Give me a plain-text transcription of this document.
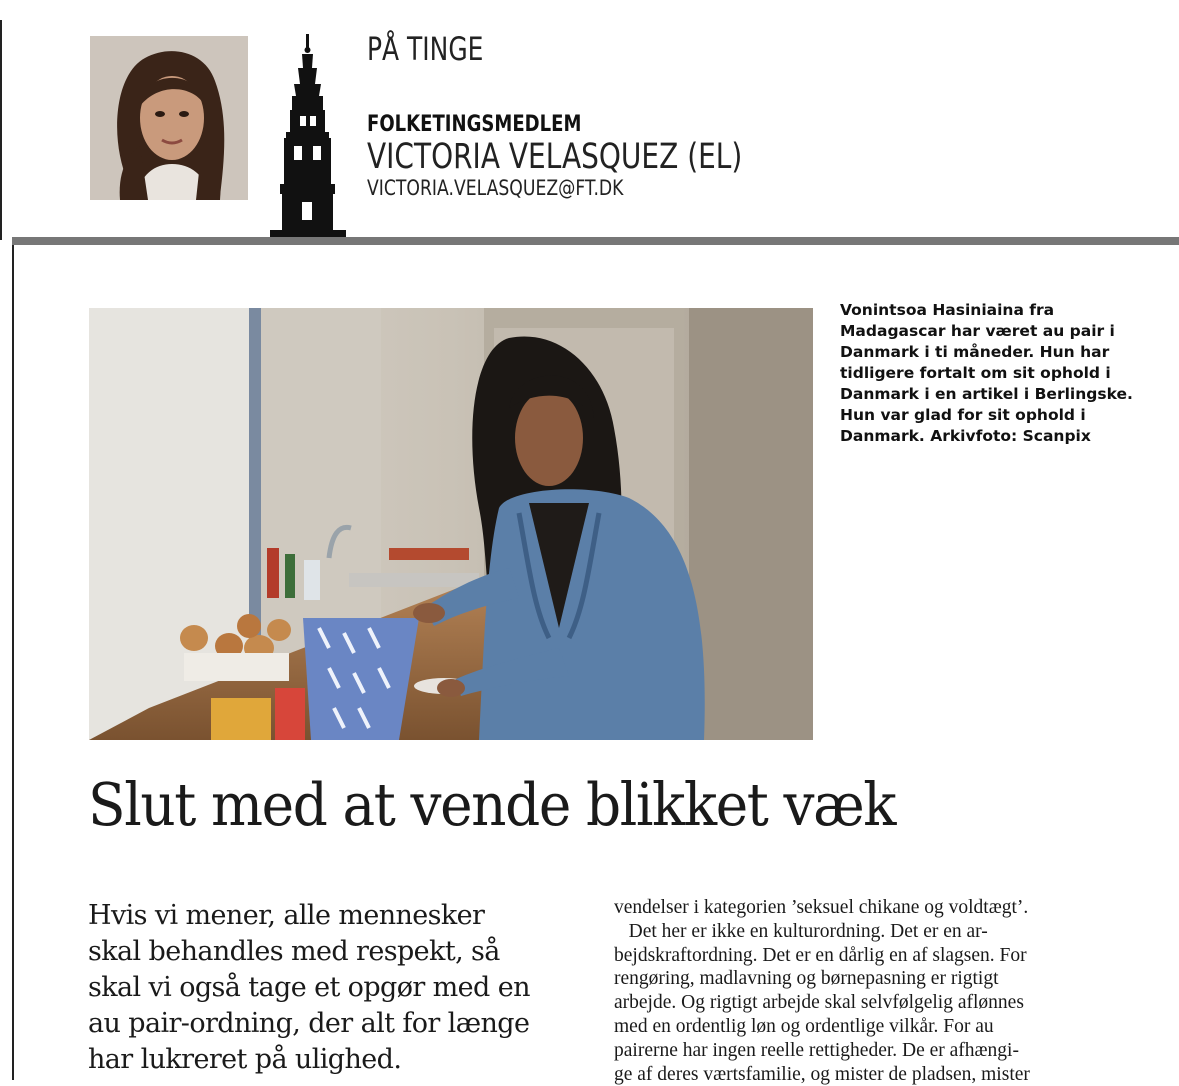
PÅ TINGE
FOLKETINGSMEDLEM
VICTORIA VELASQUEZ (EL)
VICTORIA.VELASQUEZ@FT.DK
Vonintsoa Hasiniaina fra Madagascar har været au pair i Danmark i ti måneder. Hun har tidligere fortalt om sit ophold i Danmark i en artikel i Berlingske. Hun var glad for sit ophold i Danmark. Arkivfoto: Scanpix
Slut med at vende blikket væk

Hvis vi mener, alle mennesker

skal behandles med respekt, så

skal vi også tage et opgør med en

au pair-ordning, der alt for længe

har lukreret på ulighed.

vendelser i kategorien ’seksuel chikane og voldtægt’.

Det her er ikke en kulturordning. Det er en ar-

bejdskraftordning. Det er en dårlig en af slagsen. For

rengøring, madlavning og børnepasning er rigtigt

arbejde. Og rigtigt arbejde skal selvfølgelig aflønnes

med en ordentlig løn og ordentlige vilkår. For au

pairerne har ingen reelle rettigheder. De er afhængi-

ge af deres værtsfamilie, og mister de pladsen, mister
